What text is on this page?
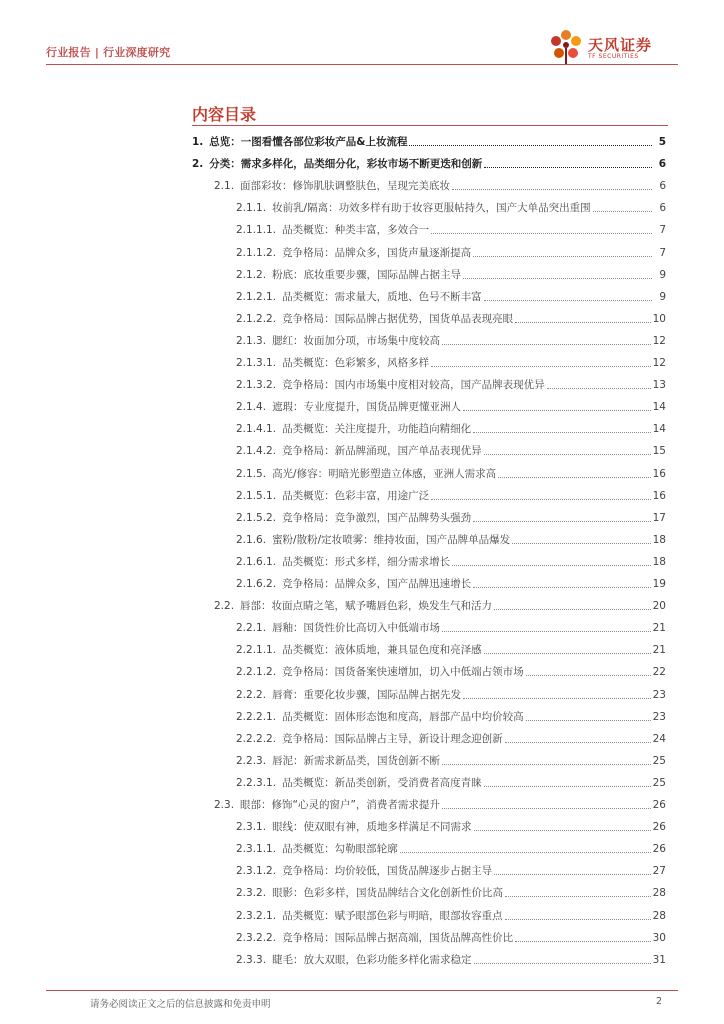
行业报告 | 行业深度研究	天风证券
TF SECURITIES
内容目录
1. 总览：一图看懂各部位彩妆产品&上妆流程	5
2. 分类：需求多样化，品类细分化，彩妆市场不断更迭和创新	6
2.1. 面部彩妆：修饰肌肤调整肤色，呈现完美底妆	6
2.1.1. 妆前乳/隔离：功效多样有助于妆容更服帖持久，国产大单品突出重围	6
2.1.1.1. 品类概览：种类丰富，多效合一	7
2.1.1.2. 竞争格局：品牌众多，国货声量逐渐提高	7
2.1.2. 粉底：底妆重要步骤，国际品牌占据主导	9
2.1.2.1. 品类概览：需求量大，质地、色号不断丰富	9
2.1.2.2. 竞争格局：国际品牌占据优势，国货单品表现亮眼	10
2.1.3. 腮红：妆面加分项，市场集中度较高	12
2.1.3.1. 品类概览：色彩繁多，风格多样	12
2.1.3.2. 竞争格局：国内市场集中度相对较高，国产品牌表现优异	13
2.1.4. 遮瑕：专业度提升，国货品牌更懂亚洲人	14
2.1.4.1. 品类概览：关注度提升，功能趋向精细化	14
2.1.4.2. 竞争格局：新品牌涌现，国产单品表现优异	15
2.1.5. 高光/修容：明暗光影塑造立体感，亚洲人需求高	16
2.1.5.1. 品类概览：色彩丰富，用途广泛	16
2.1.5.2. 竞争格局：竞争激烈，国产品牌势头强劲	17
2.1.6. 蜜粉/散粉/定妆喷雾：维持妆面，国产品牌单品爆发	18
2.1.6.1. 品类概览：形式多样，细分需求增长	18
2.1.6.2. 竞争格局：品牌众多，国产品牌迅速增长	19
2.2. 唇部：妆面点睛之笔，赋予嘴唇色彩，焕发生气和活力	20
2.2.1. 唇釉：国货性价比高切入中低端市场	21
2.2.1.1. 品类概览：液体质地，兼具显色度和亮泽感	21
2.2.1.2. 竞争格局：国货备案快速增加，切入中低端占领市场	22
2.2.2. 唇膏：重要化妆步骤，国际品牌占据先发	23
2.2.2.1. 品类概览：固体形态饱和度高，唇部产品中均价较高	23
2.2.2.2. 竞争格局：国际品牌占主导，新设计理念迎创新	24
2.2.3. 唇泥：新需求新品类，国货创新不断	25
2.2.3.1. 品类概览：新品类创新，受消费者高度青睐	25
2.3. 眼部：修饰“心灵的窗户”，消费者需求提升	26
2.3.1. 眼线：使双眼有神，质地多样满足不同需求	26
2.3.1.1. 品类概览：勾勒眼部轮廓	26
2.3.1.2. 竞争格局：均价较低，国货品牌逐步占据主导	27
2.3.2. 眼影：色彩多样，国货品牌结合文化创新性价比高	28
2.3.2.1. 品类概览：赋予眼部色彩与明暗，眼部妆容重点	28
2.3.2.2. 竞争格局：国际品牌占据高端，国货品牌高性价比	30
2.3.3. 睫毛：放大双眼，色彩功能多样化需求稳定	31
请务必阅读正文之后的信息披露和免责申明	2
